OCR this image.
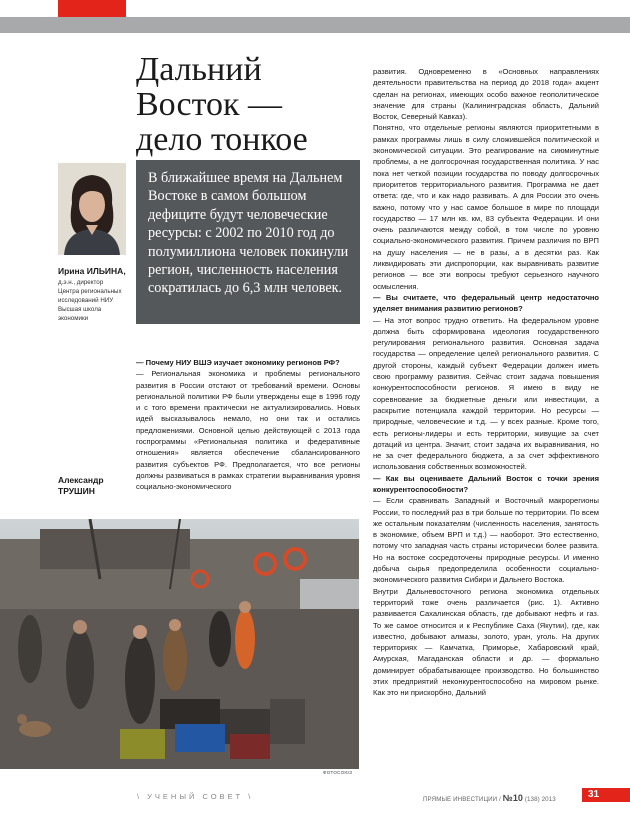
Дальний
Восток —
дело тонкое
Ирина ИЛЬИНА,
д.э.н., директор
Центра региональных
исследований НИУ
Высшая школа
экономики

В ближайшее время на Дальнем Востоке в самом большом дефиците будут человеческие ресурсы: с 2002 по 2010 год до полумиллиона человек покинули регион, численность населения сократилась до 6,3 млн человек.

— Почему НИУ ВШЭ изучает экономику регионов РФ?

— Региональная экономика и проблемы регионального развития в России отстают от требований времени. Основы региональной политики РФ были утверждены еще в 1996 году и с того времени практически не актуализировались. Новых идей высказывалось немало, но они так и остались предложениями. Основной целью действующей с 2013 года госпрограммы «Региональная политика и федеративные отношения» является обеспечение сбалансированного развития субъектов РФ. Предполагается, что все регионы должны развиваться в рамках стратегии выравнивания уровня социально-экономического

Александр
ТРУШИН
ФОТОСОЮЗ

развития. Одновременно в «Основных направлениях деятельности правительства на период до 2018 года» акцент сделан на регионах, имеющих особо важное геополитическое значение для страны (Калининградская область, Дальний Восток, Северный Кавказ).

Понятно, что отдельные регионы являются приоритетными в рамках программы лишь в силу сложившейся политической и экономической ситуации. Это реагирование на сиюминутные проблемы, а не долгосрочная государственная политика. У нас пока нет четкой позиции государства по поводу долгосрочных приоритетов территориального развития. Программа не дает ответа: где, что и как надо развивать. А для России это очень важно, потому что у нас самое большое в мире по площади государство — 17 млн кв. км, 83 субъекта Федерации. И они очень различаются между собой, в том числе по уровню социально-экономического развития. Причем различия по ВРП на душу населения — не в разы, а в десятки раз. Как ликвидировать эти диспропорции, как выравнивать развитие регионов — все эти вопросы требуют серьезного научного осмысления.

— Вы считаете, что федеральный центр недостаточно уделяет внимания развитию регионов?

— На этот вопрос трудно ответить. На федеральном уровне должна быть сформирована идеология государственного регулирования регионального развития. Основная задача государства — определение целей регионального развития. С другой стороны, каждый субъект Федерации должен иметь свою программу развития. Сейчас стоит задача повышения конкурентоспособности регионов. Я имею в виду не соревнование за бюджетные деньги или инвестиции, а раскрытие потенциала каждой территории. Но ресурсы — природные, человеческие и т.д. — у всех разные. Кроме того, есть регионы-лидеры и есть территории, живущие за счет дотаций из центра. Значит, стоит задача их выравнивания, но не за счет федерального бюджета, а за счет эффективного использования собственных возможностей.

— Как вы оцениваете Дальний Восток с точки зрения конкурентоспособности?

— Если сравнивать Западный и Восточный макрорегионы России, то последний раз в три больше по территории. По всем же остальным показателям (численность населения, занятость в экономике, объем ВРП и т.д.) — наоборот. Это естественно, потому что западная часть страны исторически более развита. Но на востоке сосредоточены природные ресурсы. И именно добыча сырья предопределила особенности социально-экономического развития Сибири и Дальнего Востока.

Внутри Дальневосточного региона экономика отдельных территорий тоже очень различается (рис. 1). Активно развивается Сахалинская область, где добывают нефть и газ. То же самое относится и к Республике Саха (Якутии), где, как известно, добывают алмазы, золото, уран, уголь. На других территориях — Камчатка, Приморье, Хабаровский край, Амурская, Магаданская области и др. — формально доминирует обрабатывающее производство. Но большинство этих предприятий неконкурентоспособно на мировом рынке. Как это ни прискорбно, Дальний

\ УЧЕНЫЙ СОВЕТ \	ПРЯМЫЕ ИНВЕСТИЦИИ / №10 (138) 2013	31
